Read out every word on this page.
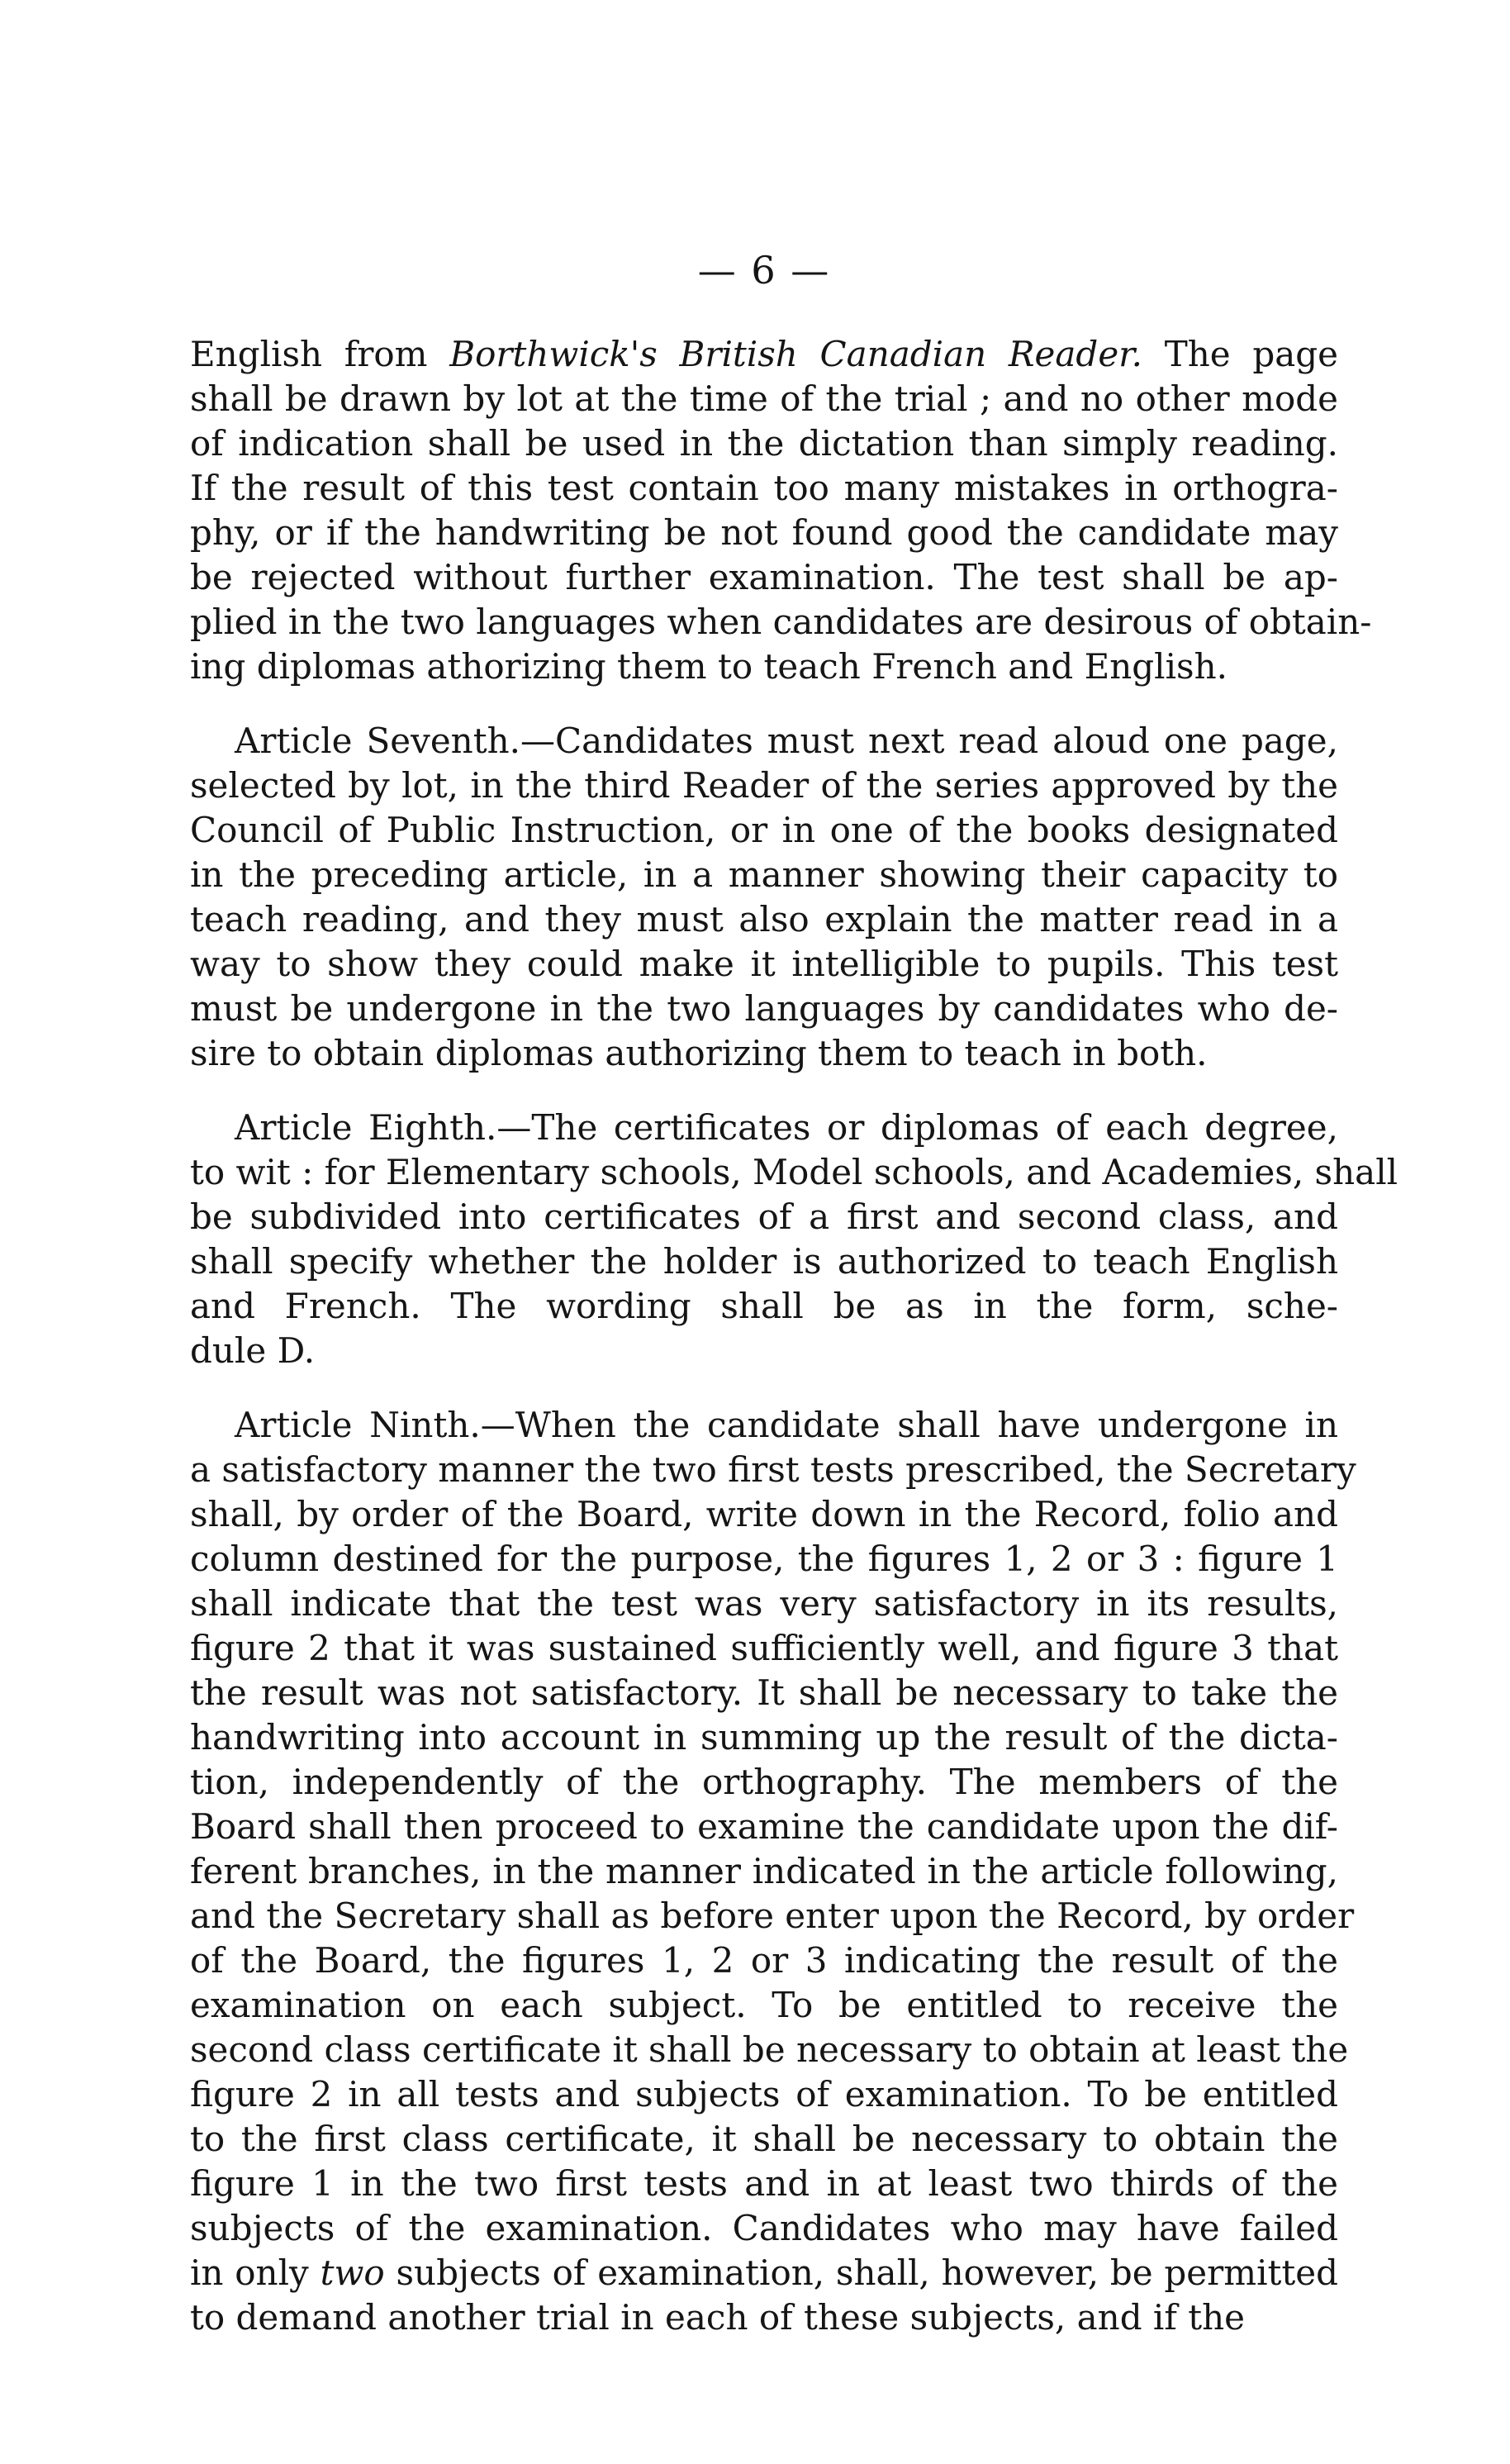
— 6 —
English from Borthwick's British Canadian Reader. The page
shall be drawn by lot at the time of the trial ; and no other mode
of indication shall be used in the dictation than simply reading.
If the result of this test contain too many mistakes in orthogra-
phy, or if the handwriting be not found good the candidate may
be rejected without further examination. The test shall be ap-
plied in the two languages when candidates are desirous of obtain-
ing diplomas athorizing them to teach French and English.
Article Seventh.—Candidates must next read aloud one page,
selected by lot, in the third Reader of the series approved by the
Council of Public Instruction, or in one of the books designated
in the preceding article, in a manner showing their capacity to
teach reading, and they must also explain the matter read in a
way to show they could make it intelligible to pupils. This test
must be undergone in the two languages by candidates who de-
sire to obtain diplomas authorizing them to teach in both.
Article Eighth.—The certificates or diplomas of each degree,
to wit : for Elementary schools, Model schools, and Academies, shall
be subdivided into certificates of a first and second class, and
shall specify whether the holder is authorized to teach English
and French. The wording shall be as in the form, sche-
dule D.
Article Ninth.—When the candidate shall have undergone in
a satisfactory manner the two first tests prescribed, the Secretary
shall, by order of the Board, write down in the Record, folio and
column destined for the purpose, the figures 1, 2 or 3 : figure 1
shall indicate that the test was very satisfactory in its results,
figure 2 that it was sustained sufficiently well, and figure 3 that
the result was not satisfactory. It shall be necessary to take the
handwriting into account in summing up the result of the dicta-
tion, independently of the orthography. The members of the
Board shall then proceed to examine the candidate upon the dif-
ferent branches, in the manner indicated in the article following,
and the Secretary shall as before enter upon the Record, by order
of the Board, the figures 1, 2 or 3 indicating the result of the
examination on each subject. To be entitled to receive the
second class certificate it shall be necessary to obtain at least the
figure 2 in all tests and subjects of examination. To be entitled
to the first class certificate, it shall be necessary to obtain the
figure 1 in the two first tests and in at least two thirds of the
subjects of the examination. Candidates who may have failed
in only two subjects of examination, shall, however, be permitted
to demand another trial in each of these subjects, and if the
